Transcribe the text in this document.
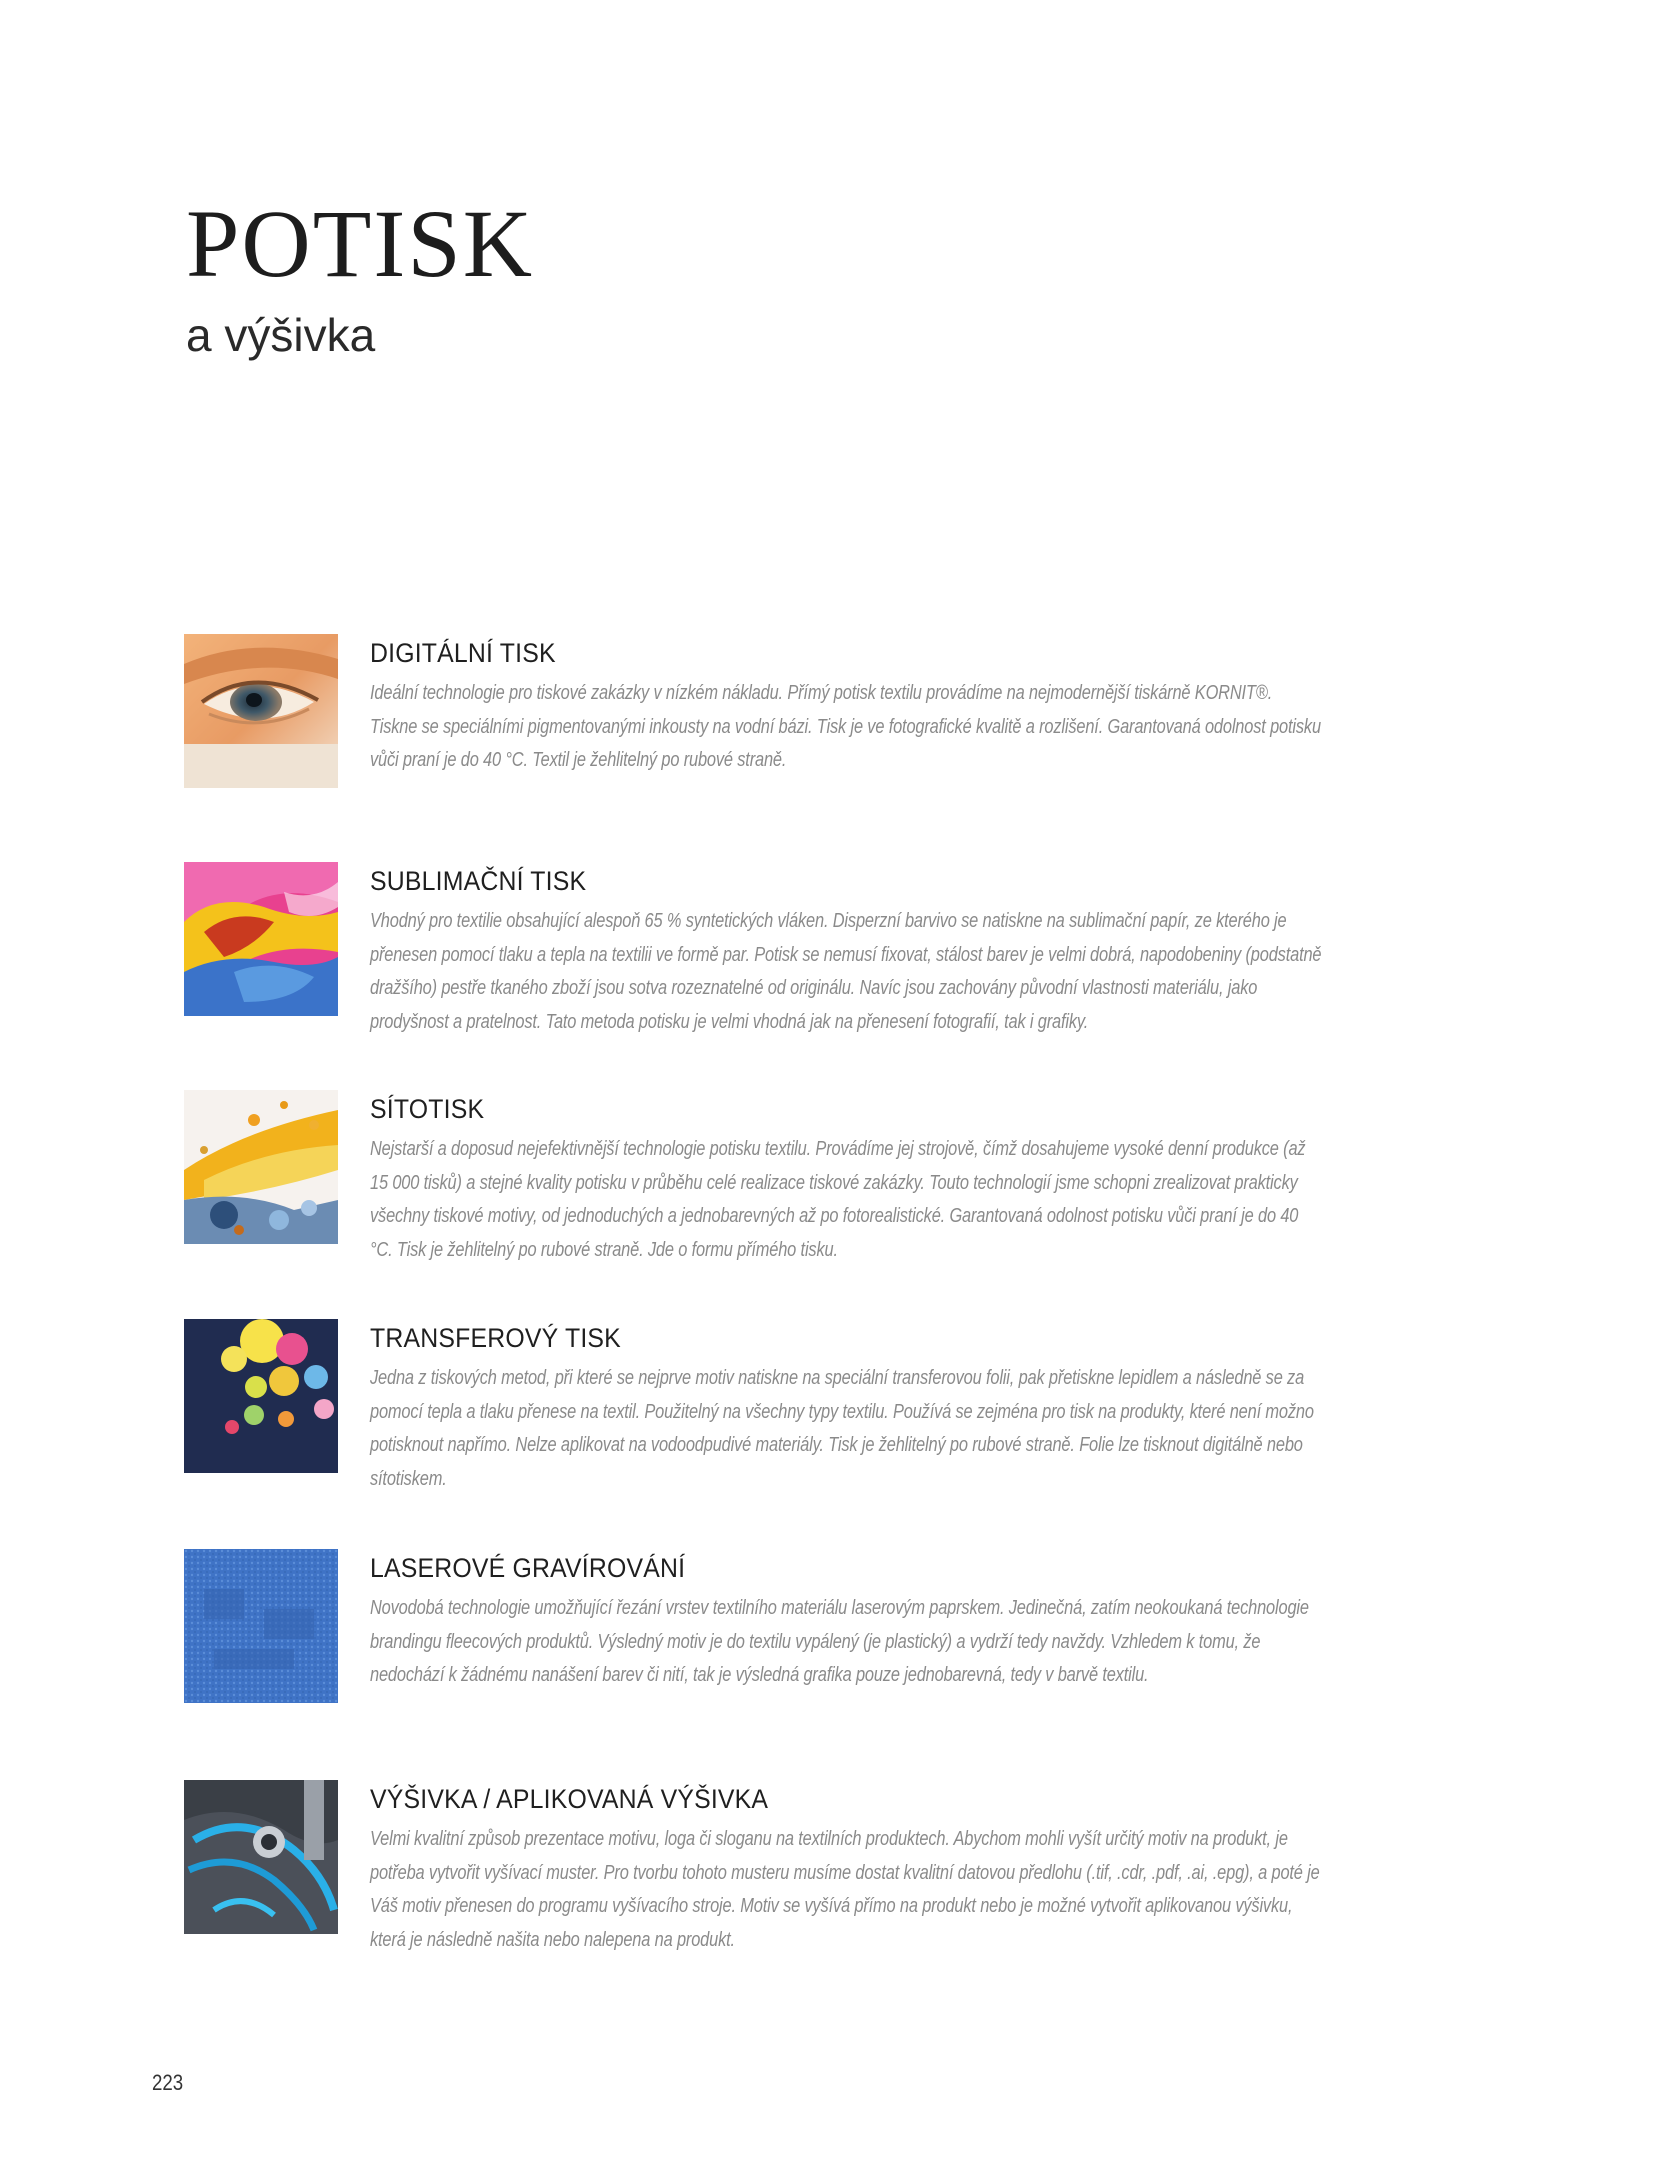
POTISK
a výšivka
DIGITÁLNÍ TISK

Ideální technologie pro tiskové zakázky v nízkém nákladu. Přímý potisk textilu provádíme na nejmodernější tiskárně KORNIT®. Tiskne se speciálními pigmentovanými inkousty na vodní bázi. Tisk je ve fotografické kvalitě a rozlišení. Garantovaná odolnost potisku vůči praní je do 40 °C. Textil je žehlitelný po rubové straně.

SUBLIMAČNÍ TISK

Vhodný pro textilie obsahující alespoň 65 % syntetických vláken. Disperzní barvivo se natiskne na sublimační papír, ze kterého je přenesen pomocí tlaku a tepla na textilii ve formě par. Potisk se nemusí fixovat, stálost barev je velmi dobrá, napodobeniny (podstatně dražšího) pestře tkaného zboží jsou sotva rozeznatelné od originálu. Navíc jsou zachovány původní vlastnosti materiálu, jako prodyšnost a pratelnost. Tato metoda potisku je velmi vhodná jak na přenesení fotografií, tak i grafiky.

SÍTOTISK

Nejstarší a doposud nejefektivnější technologie potisku textilu. Provádíme jej strojově, čímž dosahujeme vysoké denní produkce (až 15 000 tisků) a stejné kvality potisku v průběhu celé realizace tiskové zakázky. Touto technologií jsme schopni zrealizovat prakticky všechny tiskové motivy, od jednoduchých a jednobarevných až po fotorealistické. Garantovaná odolnost potisku vůči praní je do 40 °C. Tisk je žehlitelný po rubové straně. Jde o formu přímého tisku.

TRANSFEROVÝ TISK

Jedna z tiskových metod, při které se nejprve motiv natiskne na speciální transferovou folii, pak přetiskne lepidlem a následně se za pomocí tepla a tlaku přenese na textil. Použitelný na všechny typy textilu. Používá se zejména pro tisk na produkty, které není možno potisknout napřímo. Nelze aplikovat na vodoodpudivé materiály. Tisk je žehlitelný po rubové straně. Folie lze tisknout digitálně nebo sítotiskem.

LASEROVÉ GRAVÍROVÁNÍ

Novodobá technologie umožňující řezání vrstev textilního materiálu laserovým paprskem. Jedinečná, zatím neokoukaná technologie brandingu fleecových produktů. Výsledný motiv je do textilu vypálený (je plastický) a vydrží tedy navždy. Vzhledem k tomu, že nedochází k žádnému nanášení barev či nití, tak je výsledná grafika pouze jednobarevná, tedy v barvě textilu.

VÝŠIVKA / APLIKOVANÁ VÝŠIVKA

Velmi kvalitní způsob prezentace motivu, loga či sloganu na textilních produktech. Abychom mohli vyšít určitý motiv na produkt, je potřeba vytvořit vyšívací muster. Pro tvorbu tohoto musteru musíme dostat kvalitní datovou předlohu (.tif, .cdr, .pdf, .ai, .epg), a poté je Váš motiv přenesen do programu vyšívacího stroje. Motiv se vyšívá přímo na produkt nebo je možné vytvořit aplikovanou výšivku, která je následně našita nebo nalepena na produkt.

223
